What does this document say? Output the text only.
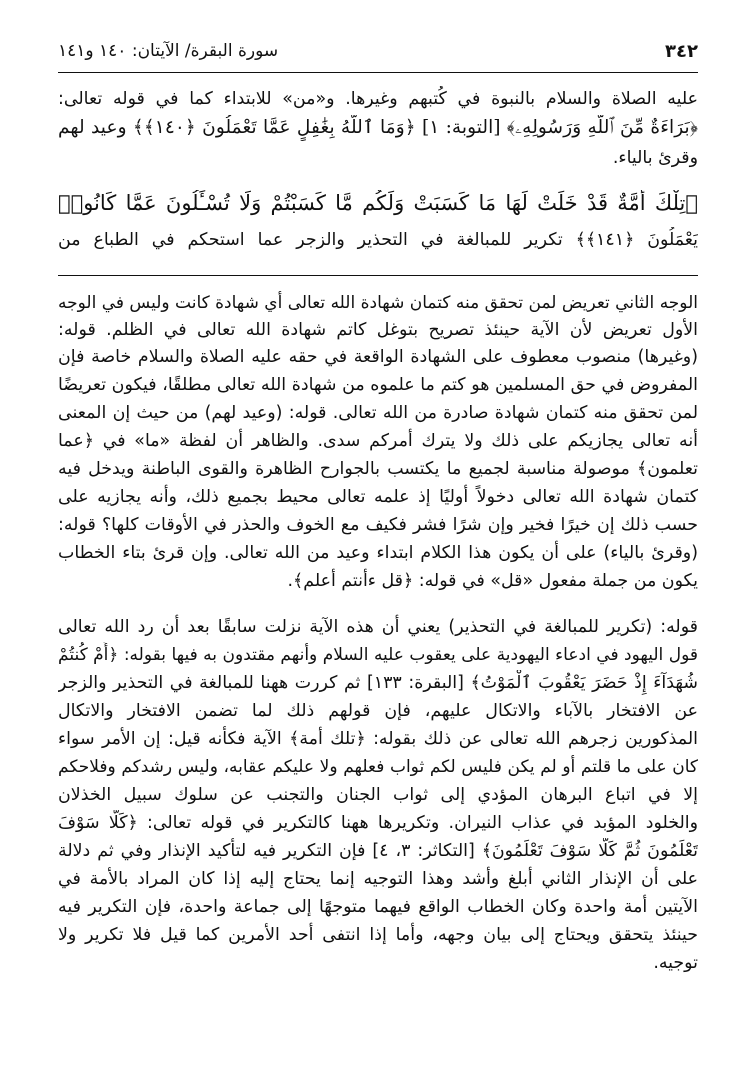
٣٤٢
سورة البقرة/ الآيتان: ١٤٠ و١٤١
عليه الصلاة والسلام بالنبوة في كُتبهم وغيرها. و«من» للابتداء كما في قوله تعالى:
﴿بَرَاءَةٌ مِّنَ ٱللَّهِ وَرَسُولِهِۦ﴾ [التوبة: ١] ﴿وَمَا ٱللَّهُ بِغَٰفِلٍ عَمَّا تَعْمَلُونَ ﴿١٤٠﴾﴾ وعيد لهم
وقرئ بالياء.
﴿تِلْكَ أُمَّةٌ قَدْ خَلَتْ لَهَا مَا كَسَبَتْ وَلَكُم مَّا كَسَبْتُمْ وَلَا تُسْـَٔلُونَ عَمَّا كَانُوا۟
يَعْمَلُونَ ﴿١٤١﴾﴾ تكرير للمبالغة في التحذير والزجر عما استحكم في الطباع من
الوجه الثاني تعريض لمن تحقق منه كتمان شهادة الله تعالى أي شهادة كانت وليس في الوجه
الأول تعريض لأن الآية حينئذ تصريح بتوغل كاتم شهادة الله تعالى في الظلم. قوله:
(وغيرها) منصوب معطوف على الشهادة الواقعة في حقه عليه الصلاة والسلام خاصة فإن
المفروض في حق المسلمين هو كتم ما علموه من شهادة الله تعالى مطلقًا، فيكون تعريضًا
لمن تحقق منه كتمان شهادة صادرة من الله تعالى. قوله: (وعيد لهم) من حيث إن المعنى
أنه تعالى يجازيكم على ذلك ولا يترك أمركم سدى. والظاهر أن لفظة «ما» في ﴿عما
تعلمون﴾ موصولة مناسبة لجميع ما يكتسب بالجوارح الظاهرة والقوى الباطنة ويدخل فيه
كتمان شهادة الله تعالى دخولاً أوليًا إذ علمه تعالى محيط بجميع ذلك، وأنه يجازيه على
حسب ذلك إن خيرًا فخير وإن شرًا فشر فكيف مع الخوف والحذر في الأوقات كلها؟ قوله:
(وقرئ بالياء) على أن يكون هذا الكلام ابتداء وعيد من الله تعالى. وإن قرئ بتاء الخطاب
يكون من جملة مفعول «قل» في قوله: ﴿قل ءأنتم أعلم﴾.
قوله: (تكرير للمبالغة في التحذير) يعني أن هذه الآية نزلت سابقًا بعد أن رد الله تعالى
قول اليهود في ادعاء اليهودية على يعقوب عليه السلام وأنهم مقتدون به فيها بقوله: ﴿أَمْ كُنتُمْ
شُهَدَآءَ إِذْ حَضَرَ يَعْقُوبَ ٱلْمَوْتُ﴾ [البقرة: ١٣٣] ثم كررت ههنا للمبالغة في التحذير والزجر
عن الافتخار بالآباء والاتكال عليهم، فإن قولهم ذلك لما تضمن الافتخار والاتكال
المذكورين زجرهم الله تعالى عن ذلك بقوله: ﴿تلك أمة﴾ الآية فكأنه قيل: إن الأمر سواء
كان على ما قلتم أو لم يكن فليس لكم ثواب فعلهم ولا عليكم عقابه، وليس رشدكم وفلاحكم
إلا في اتباع البرهان المؤدي إلى ثواب الجنان والتجنب عن سلوك سبيل الخذلان
والخلود المؤبد في عذاب النيران. وتكريرها ههنا كالتكرير في قوله تعالى: ﴿كَلَّا سَوْفَ
تَعْلَمُونَ ثُمَّ كَلَّا سَوْفَ تَعْلَمُونَ﴾ [التكاثر: ٣، ٤] فإن التكرير فيه لتأكيد الإنذار وفي ثم دلالة
على أن الإنذار الثاني أبلغ وأشد وهذا التوجيه إنما يحتاج إليه إذا كان المراد بالأمة في
الآيتين أمة واحدة وكان الخطاب الواقع فيهما متوجهًا إلى جماعة واحدة، فإن التكرير فيه
حينئذ يتحقق ويحتاج إلى بيان وجهه، وأما إذا انتفى أحد الأمرين كما قيل فلا تكرير ولا
توجيه.
